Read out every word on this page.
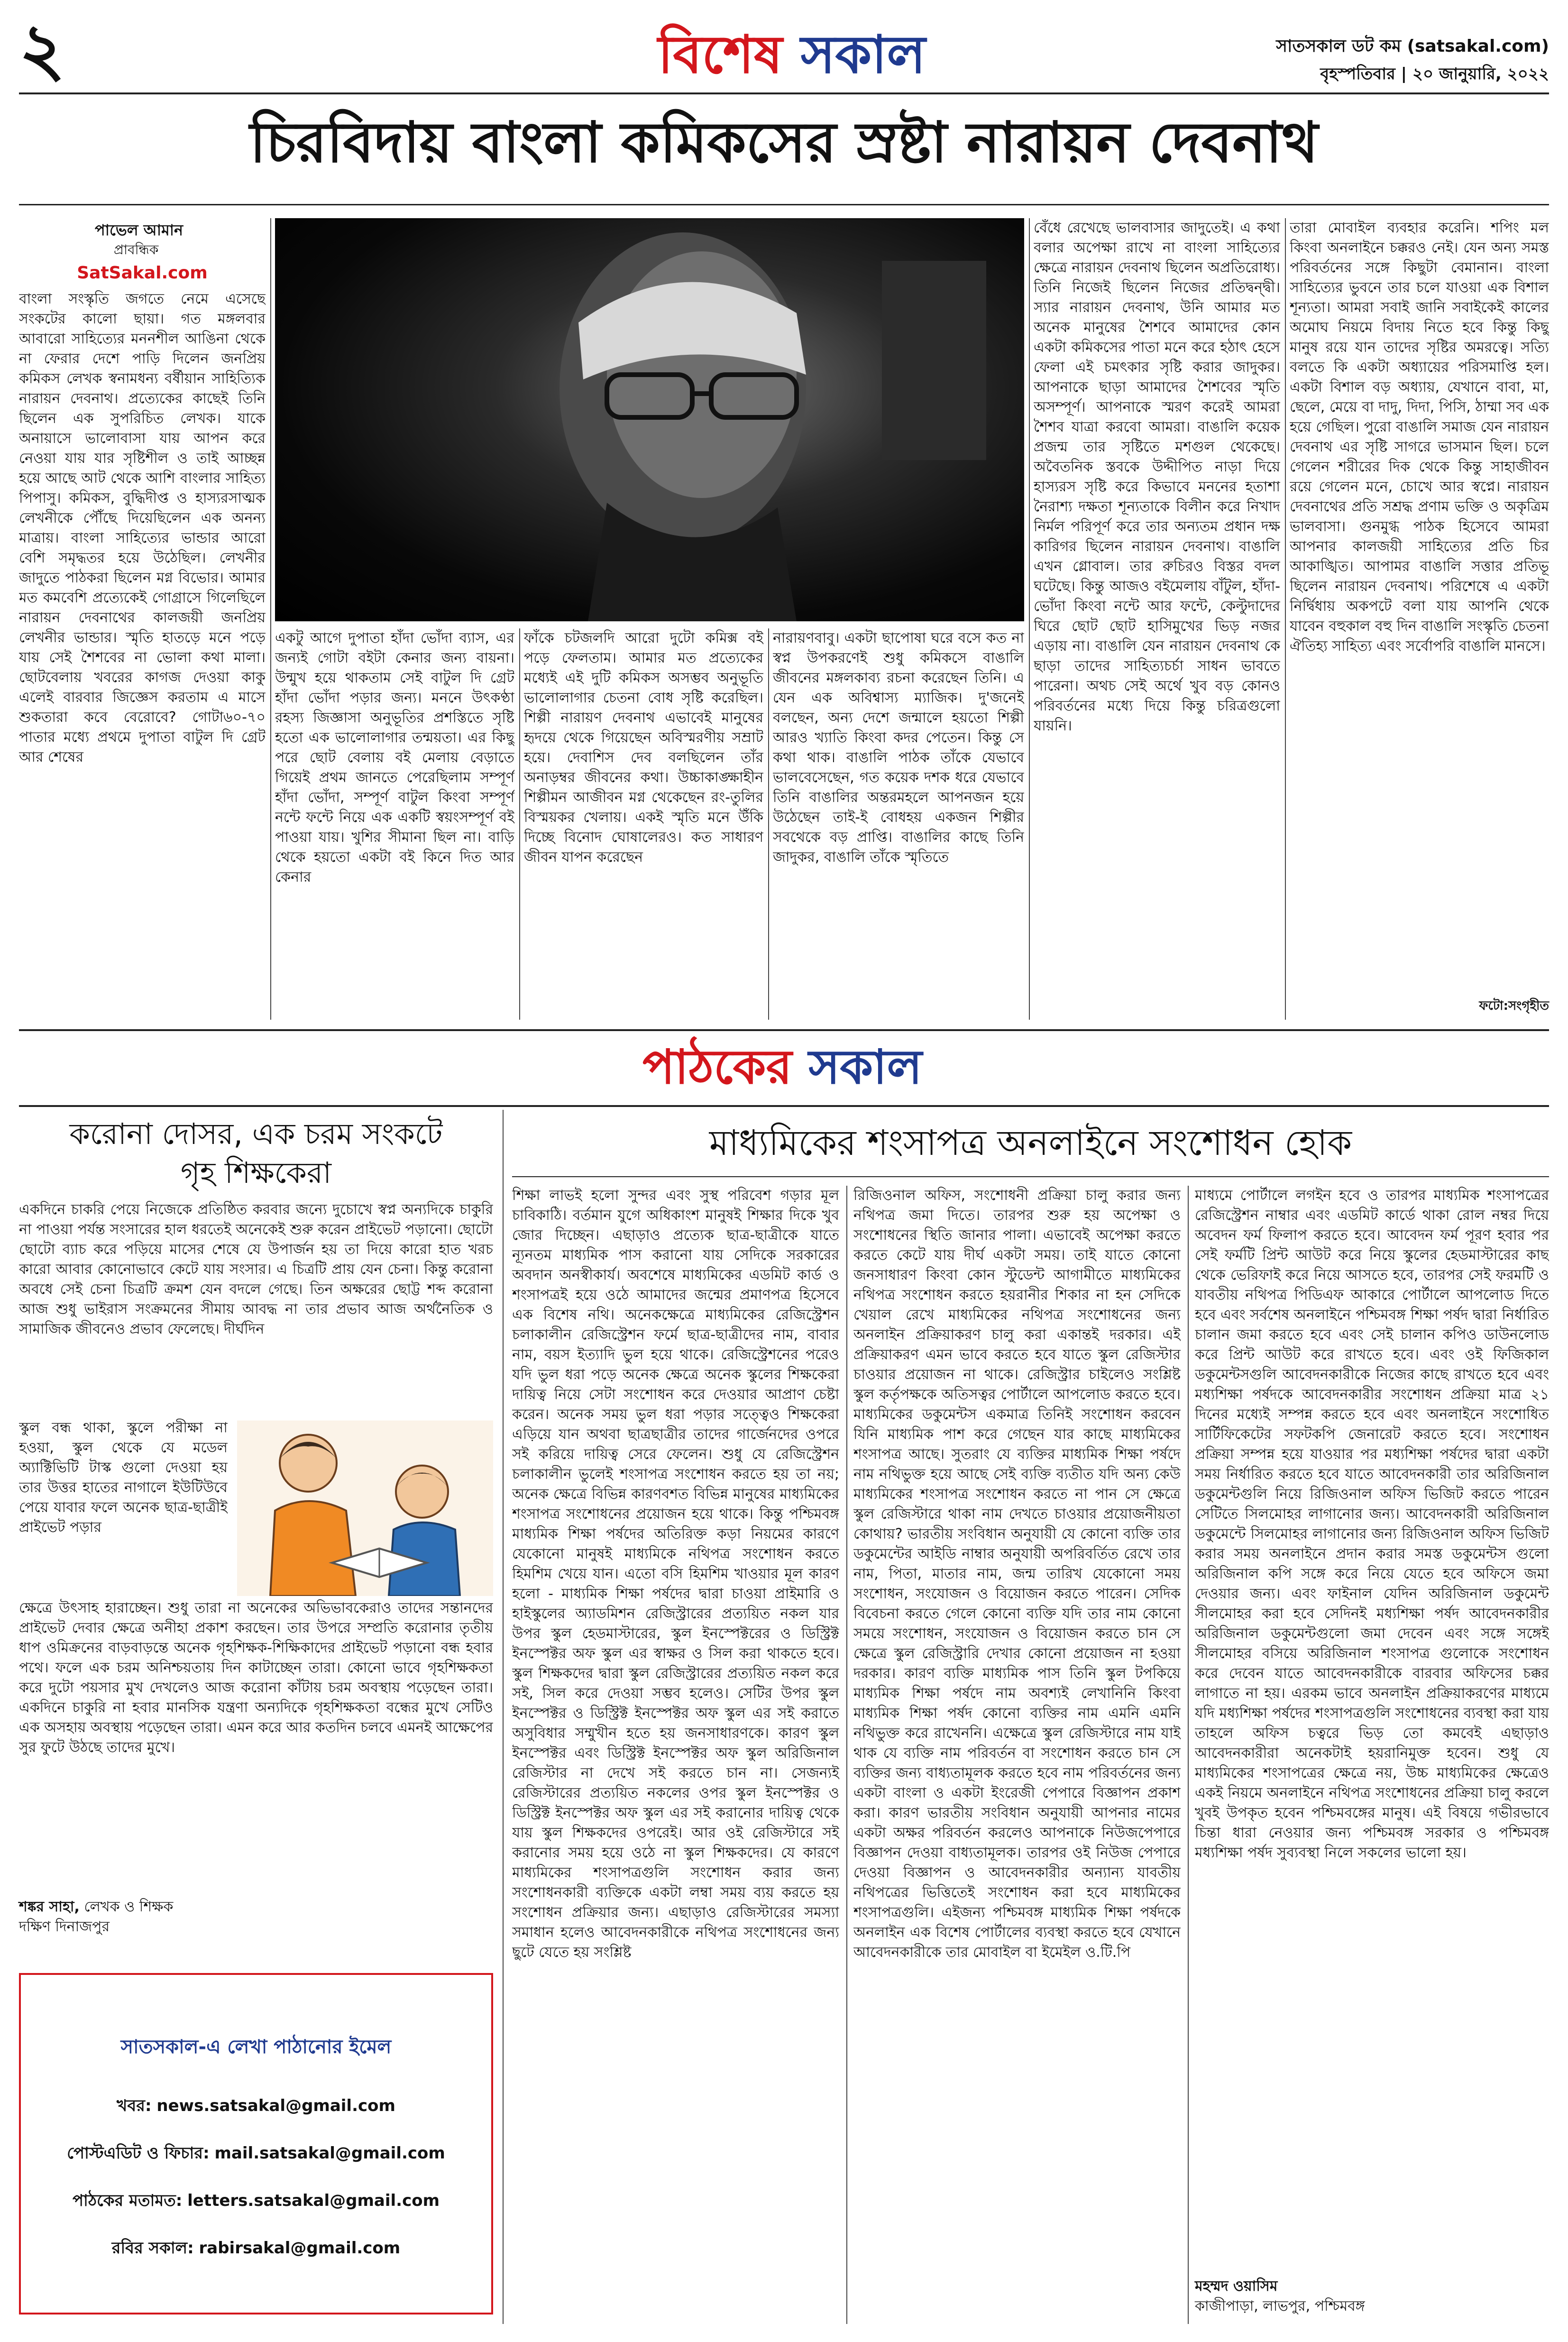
২	বিশেষ সকাল	সাতসকাল ডট কম (satsakal.com)
বৃহস্পতিবার | ২০ জানুয়ারি, ২০২২
চিরবিদায় বাংলা কমিকসের স্রষ্টা নারায়ন দেবনাথ
পাভেল আমান
প্রাবন্ধিক
SatSakal.com

বাংলা সংস্কৃতি জগতে নেমে এসেছে সংকটের কালো ছায়া। গত মঙ্গলবার আবারো সাহিত্যের মননশীল আঙিনা থেকে না ফেরার দেশে পাড়ি দিলেন জনপ্রিয় কমিকস লেখক স্বনামধন্য বর্ষীয়ান সাহিত্যিক নারায়ন দেবনাথ। প্রত্যেকের কাছেই তিনি ছিলেন এক সুপরিচিত লেখক। যাকে অনায়াসে ভালোবাসা যায় আপন করে নেওয়া যায় যার সৃষ্টিশীল ও তাই আচ্ছন্ন হয়ে আছে আট থেকে আশি বাংলার সাহিত্য পিপাসু। কমিকস, বুদ্ধিদীপ্ত ও হাস্যরসাত্মক লেখনীকে পৌঁছে দিয়েছিলেন এক অনন্য মাত্রায়। বাংলা সাহিত্যের ভান্ডার আরো বেশি সমৃদ্ধতর হয়ে উঠেছিল। লেখনীর জাদুতে পাঠকরা ছিলেন মগ্ন বিভোর। আমার মত কমবেশি প্রত্যেকেই গোগ্রাসে গিলেছিলে নারায়ন দেবনাথের কালজয়ী জনপ্রিয় লেখনীর ভান্ডার। স্মৃতি হাতড়ে মনে পড়ে যায় সেই শৈশবের না ভোলা কথা মালা। ছোটবেলায় খবরের কাগজ দেওয়া কাকু এলেই বারবার জিজ্ঞেস করতাম এ মাসে শুকতারা কবে বেরোবে? গোটা৬০-৭০ পাতার মধ্যে প্রথমে দুপাতা বাটুল দি গ্রেট আর শেষের

একটু আগে দুপাতা হাঁদা ভোঁদা ব্যাস, এর জন্যই গোটা বইটা কেনার জন্য বায়না। উন্মুখ হয়ে থাকতাম সেই বাটুল দি গ্রেট হাঁদা ভোঁদা পড়ার জন্য। মননে উৎকণ্ঠা রহস্য জিজ্ঞাসা অনুভূতির প্রশস্তিতে সৃষ্টি হতো এক ভালোলাগার তন্ময়তা। এর কিছু পরে ছোট বেলায় বই মেলায় বেড়াতে গিয়েই প্রথম জানতে পেরেছিলাম সম্পূর্ণ হাঁদা ভোঁদা, সম্পূর্ণ বাটুল কিংবা সম্পূর্ণ নন্টে ফন্টে নিয়ে এক একটি স্বয়ংসম্পূর্ণ বই পাওয়া যায়। খুশির সীমানা ছিল না। বাড়ি থেকে হয়তো একটা বই কিনে দিত আর কেনার

ফাঁকে চটজলদি আরো দুটো কমিক্স বই পড়ে ফেলতাম। আমার মত প্রত্যেকের মধ্যেই এই দুটি কমিকস অসম্ভব অনুভূতি ভালোলাগার চেতনা বোধ সৃষ্টি করেছিল। শিল্পী নারায়ণ দেবনাথ এভাবেই মানুষের হৃদয়ে থেকে গিয়েছেন অবিস্মরণীয় সম্রাট হয়ে। দেবাশিস দেব বলছিলেন তাঁর অনাড়ম্বর জীবনের কথা। উচ্চাকাঙ্ক্ষাহীন শিল্পীমন আজীবন মগ্ন থেকেছেন রং-তুলির বিস্ময়কর খেলায়। একই স্মৃতি মনে উঁকি দিচ্ছে বিনোদ ঘোষালেরও। কত সাধারণ জীবন যাপন করেছেন

নারায়ণবাবু। একটা ছাপোষা ঘরে বসে কত না স্বপ্ন উপকরণেই শুধু কমিকসে বাঙালি জীবনের মঙ্গলকাব্য রচনা করেছেন তিনি। এ যেন এক অবিশ্বাস্য ম্যাজিক। দু'জনেই বলছেন, অন্য দেশে জন্মালে হয়তো শিল্পী আরও খ্যাতি কিংবা কদর পেতেন। কিন্তু সে কথা থাক। বাঙালি পাঠক তাঁকে যেভাবে ভালবেসেছেন, গত কয়েক দশক ধরে যেভাবে তিনি বাঙালির অন্তরমহলে আপনজন হয়ে উঠেছেন তাই-ই বোধহয় একজন শিল্পীর সবথেকে বড় প্রাপ্তি। বাঙালির কাছে তিনি জাদুকর, বাঙালি তাঁকে স্মৃতিতে

বেঁধে রেখেছে ভালবাসার জাদুতেই। এ কথা বলার অপেক্ষা রাখে না বাংলা সাহিত্যের ক্ষেত্রে নারায়ন দেবনাথ ছিলেন অপ্রতিরোধ্য। তিনি নিজেই ছিলেন নিজের প্রতিদ্বন্দ্বী। স্যার নারায়ন দেবনাথ, উনি আমার মত অনেক মানুষের শৈশবে আমাদের কোন একটা কমিকসের পাতা মনে করে হঠাৎ হেসে ফেলা এই চমৎকার সৃষ্টি করার জাদুকর। আপনাকে ছাড়া আমাদের শৈশবের স্মৃতি অসম্পূর্ণ। আপনাকে স্মরণ করেই আমরা শৈশব যাত্রা করবো আমরা। বাঙালি কয়েক প্রজন্ম তার সৃষ্টিতে মশগুল থেকেছে। অবৈতনিক স্তবকে উদ্দীপিত নাড়া দিয়ে হাস্যরস সৃষ্টি করে কিভাবে মননের হতাশা নৈরাশ্য দক্ষতা শূন্যতাকে বিলীন করে নিখাদ নির্মল পরিপূর্ণ করে তার অন্যতম প্রধান দক্ষ কারিগর ছিলেন নারায়ন দেবনাথ। বাঙালি এখন গ্লোবাল। তার রুচিরও বিস্তর বদল ঘটেছে। কিন্তু আজও বইমেলায় বাঁটুল, হাঁদা-ভোঁদা কিংবা নন্টে আর ফন্টে, কেল্টুদাদের ঘিরে ছোট ছোট হাসিমুখের ভিড় নজর এড়ায় না। বাঙালি যেন নারায়ন দেবনাথ কে ছাড়া তাদের সাহিত্যচর্চা সাধন ভাবতে পারেনা। অথচ সেই অর্থে খুব বড় কোনও পরিবর্তনের মধ্যে দিয়ে কিন্তু চরিত্রগুলো যায়নি।

তারা মোবাইল ব্যবহার করেনি। শপিং মল কিংবা অনলাইনে চক্করও নেই। যেন অন্য সমস্ত পরিবর্তনের সঙ্গে কিছুটা বেমানান। বাংলা সাহিত্যের ভুবনে তার চলে যাওয়া এক বিশাল শূন্যতা। আমরা সবাই জানি সবাইকেই কালের অমোঘ নিয়মে বিদায় নিতে হবে কিন্তু কিছু মানুষ রয়ে যান তাদের সৃষ্টির অমরত্বে। সত্যি বলতে কি একটা অধ্যায়ের পরিসমাপ্তি হল। একটা বিশাল বড় অধ্যায়, যেখানে বাবা, মা, ছেলে, মেয়ে বা দাদু, দিদা, পিসি, ঠাম্মা সব এক হয়ে গেছিল। পুরো বাঙালি সমাজ যেন নারায়ন দেবনাথ এর সৃষ্টি সাগরে ভাসমান ছিল। চলে গেলেন শরীরের দিক থেকে কিন্তু সাহাজীবন রয়ে গেলেন মনে, চোখে আর স্বপ্নে। নারায়ন দেবনাথের প্রতি সশ্রদ্ধ প্রণাম ভক্তি ও অকৃত্রিম ভালবাসা। গুনমুগ্ধ পাঠক হিসেবে আমরা আপনার কালজয়ী সাহিত্যের প্রতি চির আকাঙ্খিত। আপামর বাঙালি সত্তার প্রতিভূ ছিলেন নারায়ন দেবনাথ। পরিশেষে এ একটা নির্দ্বিধায় অকপটে বলা যায় আপনি থেকে যাবেন বহুকাল বহু দিন বাঙালি সংস্কৃতি চেতনা ঐতিহ্য সাহিত্য এবং সর্বোপরি বাঙালি মানসে।

ফটো:সংগৃহীত
পাঠকের সকাল
করোনা দোসর, এক চরম সংকটে
গৃহ শিক্ষকেরা

একদিনে চাকরি পেয়ে নিজেকে প্রতিষ্ঠিত করবার জন্যে দুচোখে স্বপ্ন অন্যদিকে চাকুরি না পাওয়া পর্যন্ত সংসারের হাল ধরতেই অনেকেই শুরু করেন প্রাইভেট পড়ানো। ছোটো ছোটো ব্যাচ করে পড়িয়ে মাসের শেষে যে উপার্জন হয় তা দিয়ে কারো হাত খরচ কারো আবার কোনোভাবে কেটে যায় সংসার। এ চিত্রটি প্রায় যেন চেনা। কিন্তু করোনা অবধে সেই চেনা চিত্রটি ক্রমশ যেন বদলে গেছে। তিন অক্ষরের ছোট্ট শব্দ করোনা আজ শুধু ভাইরাস সংক্রমনের সীমায় আবদ্ধ না তার প্রভাব আজ অর্থনৈতিক ও সামাজিক জীবনেও প্রভাব ফেলেছে। দীর্ঘদিন

স্কুল বন্ধ থাকা, স্কুলে পরীক্ষা না হওয়া, স্কুল থেকে যে মডেল অ্যাক্টিভিটি টাস্ক গুলো দেওয়া হয় তার উত্তর হাতের নাগালে ইউটিউবে পেয়ে যাবার ফলে অনেক ছাত্র-ছাত্রীই প্রাইভেট পড়ার

ক্ষেত্রে উৎসাহ হারাচ্ছেন। শুধু তারা না অনেকের অভিভাবকেরাও তাদের সন্তানদের প্রাইভেট দেবার ক্ষেত্রে অনীহা প্রকাশ করছেন। তার উপরে সম্প্রতি করোনার তৃতীয় ধাপ ওমিক্রনের বাড়বাড়ন্তে অনেক গৃহশিক্ষক-শিক্ষিকাদের প্রাইভেট পড়ানো বন্ধ হবার পথে। ফলে এক চরম অনিশ্চয়তায় দিন কাটাচ্ছেন তারা। কোনো ভাবে গৃহশিক্ষকতা করে দুটো পয়সার মুখ দেখলেও আজ করোনা কাঁটায় চরম অবস্থায় পড়েছেন তারা। একদিনে চাকুরি না হবার মানসিক যন্ত্রণা অন্যদিকে গৃহশিক্ষকতা বন্ধের মুখে সেটিও এক অসহায় অবস্থায় পড়েছেন তারা। এমন করে আর কতদিন চলবে এমনই আক্ষেপের সুর ফুটে উঠছে তাদের মুখে।

শঙ্কর সাহা, লেখক ও শিক্ষক
দক্ষিণ দিনাজপুর
সাতসকাল-এ লেখা পাঠানোর ইমেল
খবর: news.satsakal@gmail.com
পোস্টএডিট ও ফিচার: mail.satsakal@gmail.com
পাঠকের মতামত: letters.satsakal@gmail.com
রবির সকাল: rabirsakal@gmail.com
মাধ্যমিকের শংসাপত্র অনলাইনে সংশোধন হোক

শিক্ষা লাভই হলো সুন্দর এবং সুস্থ পরিবেশ গড়ার মূল চাবিকাঠি। বর্তমান যুগে অধিকাংশ মানুষই শিক্ষার দিকে খুব জোর দিচ্ছেন। এছাড়াও প্রত্যেক ছাত্র-ছাত্রীকে যাতে ন্যূনতম মাধ্যমিক পাস করানো যায় সেদিকে সরকারের অবদান অনস্বীকার্য। অবশেষে মাধ্যমিকের এডমিট কার্ড ও শংসাপত্রই হয়ে ওঠে আমাদের জন্মের প্রমাণপত্র হিসেবে এক বিশেষ নথি। অনেকক্ষেত্রে মাধ্যমিকের রেজিস্ট্রেশন চলাকালীন রেজিস্ট্রেশন ফর্মে ছাত্র-ছাত্রীদের নাম, বাবার নাম, বয়স ইত্যাদি ভুল হয়ে থাকে। রেজিস্ট্রেশনের পরেও যদি ভুল ধরা পড়ে অনেক ক্ষেত্রে অনেক স্কুলের শিক্ষকেরা দায়িত্ব নিয়ে সেটা সংশোধন করে দেওয়ার আপ্রাণ চেষ্টা করেন। অনেক সময় ভুল ধরা পড়ার সত্ত্বেও শিক্ষকেরা এড়িয়ে যান অথবা ছাত্রছাত্রীর তাদের গার্জেনদের ওপরে সই করিয়ে দায়িত্ব সেরে ফেলেন। শুধু যে রেজিস্ট্রেশন চলাকালীন ভুলেই শংসাপত্র সংশোধন করতে হয় তা নয়; অনেক ক্ষেত্রে বিভিন্ন কারণবশত বিভিন্ন মানুষের মাধ্যমিকের শংসাপত্র সংশোধনের প্রয়োজন হয়ে থাকে। কিন্তু পশ্চিমবঙ্গ মাধ্যমিক শিক্ষা পর্ষদের অতিরিক্ত কড়া নিয়মের কারণে যেকোনো মানুষই মাধ্যমিকে নথিপত্র সংশোধন করতে হিমশিম খেয়ে যান। এতো বসি হিমশিম খাওয়ার মূল কারণ হলো - মাধ্যমিক শিক্ষা পর্ষদের দ্বারা চাওয়া প্রাইমারি ও হাইস্কুলের অ্যাডমিশন রেজিস্ট্রারের প্রত্যয়িত নকল যার উপর স্কুল হেডমাস্টারের, স্কুল ইনস্পেক্টরের ও ডিস্ট্রিক্ট ইনস্পেক্টর অফ স্কুল এর স্বাক্ষর ও সিল করা থাকতে হবে। স্কুল শিক্ষকদের দ্বারা স্কুল রেজিস্ট্রারের প্রত্যয়িত নকল করে সই, সিল করে দেওয়া সম্ভব হলেও। সেটির উপর স্কুল ইনস্পেক্টর ও ডিস্ট্রিক্ট ইনস্পেক্টর অফ স্কুল এর সই করাতে অসুবিধার সম্মুখীন হতে হয় জনসাধারণকে। কারণ স্কুল ইনস্পেক্টর এবং ডিস্ট্রিক্ট ইনস্পেক্টর অফ স্কুল অরিজিনাল রেজিস্টার না দেখে সই করতে চান না। সেজন্যই রেজিস্টারের প্রত্যয়িত নকলের ওপর স্কুল ইনস্পেক্টর ও ডিস্ট্রিক্ট ইনস্পেক্টর অফ স্কুল এর সই করানোর দায়িত্ব থেকে যায় স্কুল শিক্ষকদের ওপরেই। আর ওই রেজিস্টারে সই করানোর সময় হয়ে ওঠে না স্কুল শিক্ষকদের। যে কারণে মাধ্যমিকের শংসাপত্রগুলি সংশোধন করার জন্য সংশোধনকারী ব্যক্তিকে একটা লম্বা সময় ব্যয় করতে হয় সংশোধন প্রক্রিয়ার জন্য। এছাড়াও রেজিস্টারের সমস্যা সমাধান হলেও আবেদনকারীকে নথিপত্র সংশোধনের জন্য ছুটে যেতে হয় সংশ্লিষ্ট

রিজিওনাল অফিস, সংশোধনী প্রক্রিয়া চালু করার জন্য নথিপত্র জমা দিতে। তারপর শুরু হয় অপেক্ষা ও সংশোধনের স্থিতি জানার পালা। এভাবেই অপেক্ষা করতে করতে কেটে যায় দীর্ঘ একটা সময়। তাই যাতে কোনো জনসাধারণ কিংবা কোন স্টুডেন্ট আগামীতে মাধ্যমিকের নথিপত্র সংশোধন করতে হয়রানীর শিকার না হন সেদিকে খেয়াল রেখে মাধ্যমিকের নথিপত্র সংশোধনের জন্য অনলাইন প্রক্রিয়াকরণ চালু করা একান্তই দরকার। এই প্রক্রিয়াকরণ এমন ভাবে করতে হবে যাতে স্কুল রেজিস্টার চাওয়ার প্রয়োজন না থাকে। রেজিস্ট্রার চাইলেও সংশ্লিষ্ট স্কুল কর্তৃপক্ষকে অতিসত্বর পোর্টালে আপলোড করতে হবে। মাধ্যমিকের ডকুমেন্টস একমাত্র তিনিই সংশোধন করবেন যিনি মাধ্যমিক পাশ করে গেছেন যার কাছে মাধ্যমিকের শংসাপত্র আছে। সুতরাং যে ব্যক্তির মাধ্যমিক শিক্ষা পর্ষদে নাম নথিভুক্ত হয়ে আছে সেই ব্যক্তি ব্যতীত যদি অন্য কেউ মাধ্যমিকের শংসাপত্র সংশোধন করতে না পান সে ক্ষেত্রে স্কুল রেজিস্টারে থাকা নাম দেখতে চাওয়ার প্রয়োজনীয়তা কোথায়? ভারতীয় সংবিধান অনুযায়ী যে কোনো ব্যক্তি তার ডকুমেন্টের আইডি নাম্বার অনুযায়ী অপরিবর্তিত রেখে তার নাম, পিতা, মাতার নাম, জন্ম তারিখ যেকোনো সময় সংশোধন, সংযোজন ও বিয়োজন করতে পারেন। সেদিক বিবেচনা করতে গেলে কোনো ব্যক্তি যদি তার নাম কোনো সময়ে সংশোধন, সংযোজন ও বিয়োজন করতে চান সে ক্ষেত্রে স্কুল রেজিস্ট্রারি দেখার কোনো প্রয়োজন না হওয়া দরকার। কারণ ব্যক্তি মাধ্যমিক পাস তিনি স্কুল টপকিয়ে মাধ্যমিক শিক্ষা পর্ষদে নাম অবশ্যই লেখানিনি কিংবা মাধ্যমিক শিক্ষা পর্ষদ কোনো ব্যক্তির নাম এমনি এমনি নথিভুক্ত করে রাখেননি। এক্ষেত্রে স্কুল রেজিস্টারে নাম যাই থাক যে ব্যক্তি নাম পরিবর্তন বা সংশোধন করতে চান সে ব্যক্তির জন্য বাধ্যতামূলক করতে হবে নাম পরিবর্তনের জন্য একটা বাংলা ও একটা ইংরেজী পেপারে বিজ্ঞাপন প্রকাশ করা। কারণ ভারতীয় সংবিধান অনুযায়ী আপনার নামের একটা অক্ষর পরিবর্তন করলেও আপনাকে নিউজপেপারে বিজ্ঞাপন দেওয়া বাধ্যতামূলক। তারপর ওই নিউজ পেপারে দেওয়া বিজ্ঞাপন ও আবেদনকারীর অন্যান্য যাবতীয় নথিপত্রের ভিত্তিতেই সংশোধন করা হবে মাধ্যমিকের শংসাপত্রগুলি। এইজন্য পশ্চিমবঙ্গ মাধ্যমিক শিক্ষা পর্ষদকে অনলাইন এক বিশেষ পোর্টালের ব্যবস্থা করতে হবে যেখানে আবেদনকারীকে তার মোবাইল বা ইমেইল ও.টি.পি

মাধ্যমে পোর্টালে লগইন হবে ও তারপর মাধ্যমিক শংসাপত্রের রেজিস্ট্রেশন নাম্বার এবং এডমিট কার্ডে থাকা রোল নম্বর দিয়ে অবেদন ফর্ম ফিলাপ করতে হবে। আবেদন ফর্ম পূরণ হবার পর সেই ফর্মটি প্রিন্ট আউট করে নিয়ে স্কুলের হেডমাস্টারের কাছ থেকে ভেরিফাই করে নিয়ে আসতে হবে, তারপর সেই ফরমটি ও যাবতীয় নথিপত্র পিডিএফ আকারে পোর্টালে আপলোড দিতে হবে এবং সর্বশেষ অনলাইনে পশ্চিমবঙ্গ শিক্ষা পর্ষদ দ্বারা নির্ধারিত চালান জমা করতে হবে এবং সেই চালান কপিও ডাউনলোড করে প্রিন্ট আউট করে রাখতে হবে। এবং ওই ফিজিকাল ডকুমেন্টসগুলি আবেদনকারীকে নিজের কাছে রাখতে হবে এবং মধ্যশিক্ষা পর্ষদকে আবেদনকারীর সংশোধন প্রক্রিয়া মাত্র ২১ দিনের মধ্যেই সম্পন্ন করতে হবে এবং অনলাইনে সংশোধিত সার্টিফিকেটের সফটকপি জেনারেট করতে হবে। সংশোধন প্রক্রিয়া সম্পন্ন হয়ে যাওয়ার পর মধ্যশিক্ষা পর্ষদের দ্বারা একটা সময় নির্ধারিত করতে হবে যাতে আবেদনকারী তার অরিজিনাল ডকুমেন্টগুলি নিয়ে রিজিওনাল অফিস ভিজিট করতে পারেন সেটিতে সিলমোহর লাগানোর জন্য। আবেদনকারী অরিজিনাল ডকুমেন্টে সিলমোহর লাগানোর জন্য রিজিওনাল অফিস ভিজিট করার সময় অনলাইনে প্রদান করার সমস্ত ডকুমেন্টস গুলো অরিজিনাল কপি সঙ্গে করে নিয়ে যেতে হবে অফিসে জমা দেওয়ার জন্য। এবং ফাইনাল যেদিন অরিজিনাল ডকুমেন্ট সীলমোহর করা হবে সেদিনই মধ্যশিক্ষা পর্ষদ আবেদনকারীর অরিজিনাল ডকুমেন্টগুলো জমা দেবেন এবং সঙ্গে সঙ্গেই সীলমোহর বসিয়ে অরিজিনাল শংসাপত্র গুলোকে সংশোধন করে দেবেন যাতে আবেদনকারীকে বারবার অফিসের চক্কর লাগাতে না হয়। এরকম ভাবে অনলাইন প্রক্রিয়াকরণের মাধ্যমে যদি মধ্যশিক্ষা পর্ষদের শংসাপত্রগুলি সংশোধনের ব্যবস্থা করা যায় তাহলে অফিস চত্বরে ভিড় তো কমবেই এছাড়াও আবেদনকারীরা অনেকটাই হয়রানিমুক্ত হবেন। শুধু যে মাধ্যমিকের শংসাপত্রের ক্ষেত্রে নয়, উচ্চ মাধ্যমিকের ক্ষেত্রেও একই নিয়মে অনলাইনে নথিপত্র সংশোধনের প্রক্রিয়া চালু করলে খুবই উপকৃত হবেন পশ্চিমবঙ্গের মানুষ। এই বিষয়ে গভীরভাবে চিন্তা ধারা নেওয়ার জন্য পশ্চিমবঙ্গ সরকার ও পশ্চিমবঙ্গ মধ্যশিক্ষা পর্ষদ সুব্যবস্থা নিলে সকলের ভালো হয়।

মহম্মদ ওয়াসিম
কাজীপাড়া, লাভপুর, পশ্চিমবঙ্গ
